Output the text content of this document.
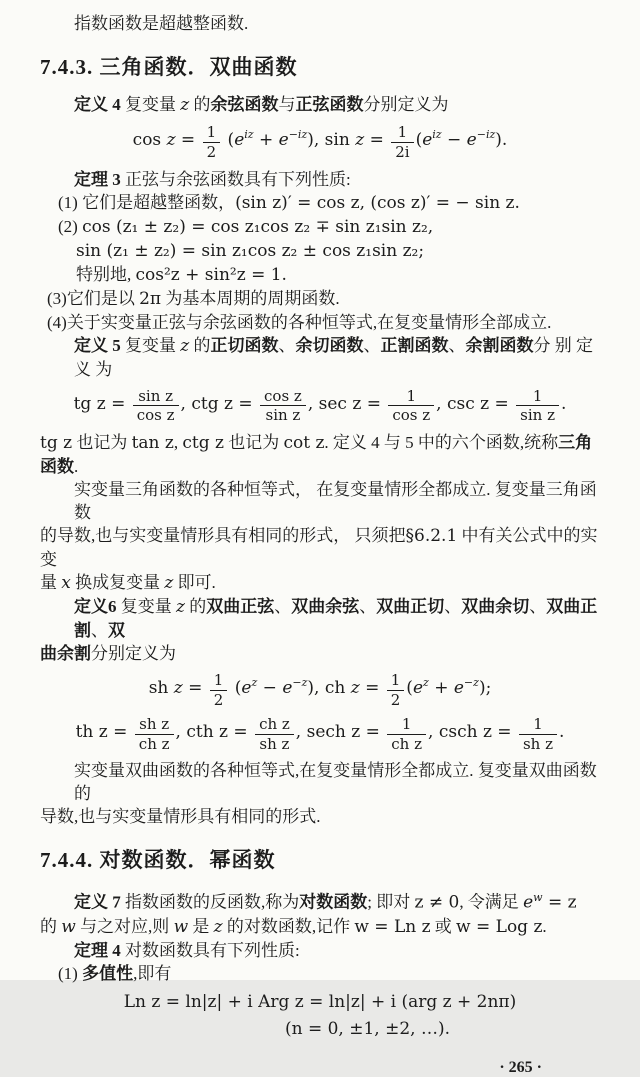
指数函数是超越整函数.
7.4.3. 三角函数．双曲函数
定义 4 复变量 z 的余弦函数与正弦函数分别定义为
$\cos z = \frac{1}{2} (e^{iz} + e^{-iz})$, $\sin z = \frac{1}{2i} (e^{iz} - e^{-iz})$.
定理 3 正弦与余弦函数具有下列性质:
(1) 它们是超越整函数，(sin z)′ = cos z, (cos z)′ = − sin z.
(2) cos (z₁ ± z₂) = cos z₁cos z₂ ∓ sin z₁sin z₂,
sin (z₁ ± z₂) = sin z₁cos z₂ ± cos z₁sin z₂;
特别地, cos²z + sin²z = 1.
(3)它们是以 2π 为基本周期的周期函数.
(4)关于实变量正弦与余弦函数的各种恒等式,在复变量情形全部成立.
定义 5 复变量 z 的正切函数、余切函数、正割函数、余割函数分 别 定 义 为
tg $z = \frac{\text{sin z}}{\text{cos z}}$ , ctg $z = \frac{\text{cos z}}{\text{sin z}}$ , $\sec z = \frac{1}{\text{cos z}}$ , $\csc z = \frac{1}{\text{sin z}}$ .
tg z 也记为 tan z, ctg z 也记为 cot z. 定义 4 与 5 中的六个函数,统称三角
函数.
实变量三角函数的各种恒等式， 在复变量情形全都成立. 复变量三角函数
的导数,也与实变量情形具有相同的形式， 只须把§6.2.1 中有关公式中的实变
量 x 换成复变量 z 即可.
定义6 复变量 z 的双曲正弦、双曲余弦、双曲正切、双曲余切、双曲正割、双
曲余割分别定义为
sh $z = \frac{1}{2} (e^z - e^{-z})$, ch $z = \frac{1}{2} (e^z + e^{-z})$;
th $z = \frac{\text{sh z}}{\text{ch z}}$ , cth $z = \frac{\text{ch z}}{\text{sh z}}$ , sech $z = \frac{1}{\text{ch z}}$ , csch $z = \frac{1}{\text{sh z}}$ .
实变量双曲函数的各种恒等式,在复变量情形全都成立. 复变量双曲函数的
导数,也与实变量情形具有相同的形式.
7.4.4. 对数函数．幂函数
定义 7 指数函数的反函数,称为对数函数; 即对 z ≠ 0, 令满足 $e^w = z$
的 w 与之对应,则 w 是 z 的对数函数,记作 w = Ln z 或 w = Log z.
定理 4 对数函数具有下列性质:
(1) 多值性,即有
Ln z = ln|z| + i Arg z = ln|z| + i (arg z + 2nπ)
(n = 0, ±1, ±2, …).
· 265 ·
